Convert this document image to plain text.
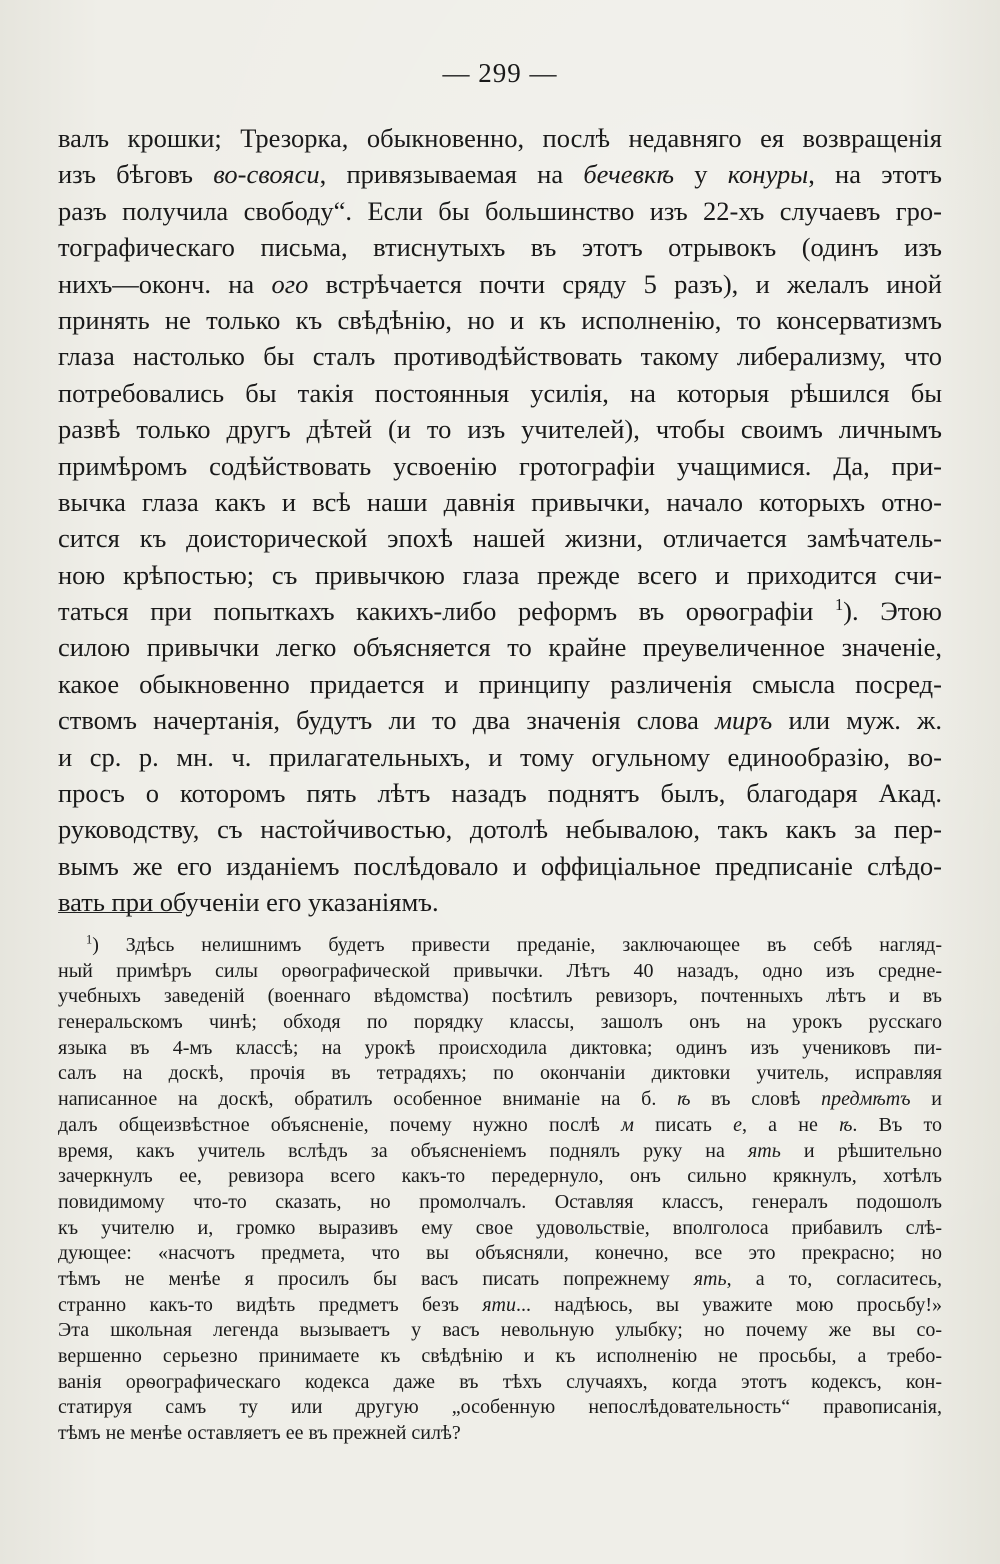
— 299 —
валъ крошки; Трезорка, обыкновенно, послѣ недавняго ея возвращенія
изъ бѣговъ во-свояси, привязываемая на бечевкѣ у конуры, на этотъ
разъ получила свободу“. Если бы большинство изъ 22-хъ случаевъ гро-
тографическаго письма, втиснутыхъ въ этотъ отрывокъ (одинъ изъ
нихъ—оконч. на ого встрѣчается почти сряду 5 разъ), и желалъ иной
принять не только къ свѣдѣнію, но и къ исполненію, то консерватизмъ
глаза настолько бы сталъ противодѣйствовать такому либерализму, что
потребовались бы такія постоянныя усилія, на которыя рѣшился бы
развѣ только другъ дѣтей (и то изъ учителей), чтобы своимъ личнымъ
примѣромъ содѣйствовать усвоенію гротографіи учащимися. Да, при-
вычка глаза какъ и всѣ наши давнія привычки, начало которыхъ отно-
сится къ доисторической эпохѣ нашей жизни, отличается замѣчатель-
ною крѣпостью; съ привычкою глаза прежде всего и приходится счи-
таться при попыткахъ какихъ-либо реформъ въ орѳографіи $^1$). Этою
силою привычки легко объясняется то крайне преувеличенное значеніе,
какое обыкновенно придается и принципу различенія смысла посред-
ствомъ начертанія, будутъ ли то два значенія слова миръ или муж. ж.
и ср. р. мн. ч. прилагательныхъ, и тому огульному единообразію, во-
просъ о которомъ пять лѣтъ назадъ поднятъ былъ, благодаря Акад.
руководству, съ настойчивостью, дотолѣ небывалою, такъ какъ за пер-
вымъ же его изданіемъ послѣдовало и оффиціальное предписаніе слѣдо-
вать при обученіи его указаніямъ.
$^1$) Здѣсь нелишнимъ будетъ привести преданіе, заключающее въ себѣ нагляд-
ный примѣръ силы орѳографической привычки. Лѣтъ 40 назадъ, одно изъ средне-
учебныхъ заведеній (военнаго вѣдомства) посѣтилъ ревизоръ, почтенныхъ лѣтъ и въ
генеральскомъ чинѣ; обходя по порядку классы, зашолъ онъ на урокъ русскаго
языка въ 4-мъ классѣ; на урокѣ происходила диктовка; одинъ изъ учениковъ пи-
салъ на доскѣ, прочія въ тетрадяхъ; по окончаніи диктовки учитель, исправляя
написанное на доскѣ, обратилъ особенное вниманіе на б. ѣ въ словѣ предмѣтъ и
далъ общеизвѣстное объясненіе, почему нужно послѣ м писать е, а не ѣ. Въ то
время, какъ учитель вслѣдъ за объясненіемъ поднялъ руку на ять и рѣшительно
зачеркнулъ ее, ревизора всего какъ-то передернуло, онъ сильно крякнулъ, хотѣлъ
повидимому что-то сказать, но промолчалъ. Оставляя классъ, генералъ подошолъ
къ учителю и, громко выразивъ ему свое удовольствіе, вполголоса прибавилъ слѣ-
дующее: «насчотъ предмета, что вы объясняли, конечно, все это прекрасно; но
тѣмъ не менѣе я просилъ бы васъ писать попрежнему ять, а то, согласитесь,
странно какъ-то видѣть предметъ безъ яти... надѣюсь, вы уважите мою просьбу!»
Эта школьная легенда вызываетъ у васъ невольную улыбку; но почему же вы со-
вершенно серьезно принимаете къ свѣдѣнію и къ исполненію не просьбы, а требо-
ванія орѳографическаго кодекса даже въ тѣхъ случаяхъ, когда этотъ кодексъ, кон-
статируя самъ ту или другую „особенную непослѣдовательность“ правописанія,
тѣмъ не менѣе оставляетъ ее въ прежней силѣ?
